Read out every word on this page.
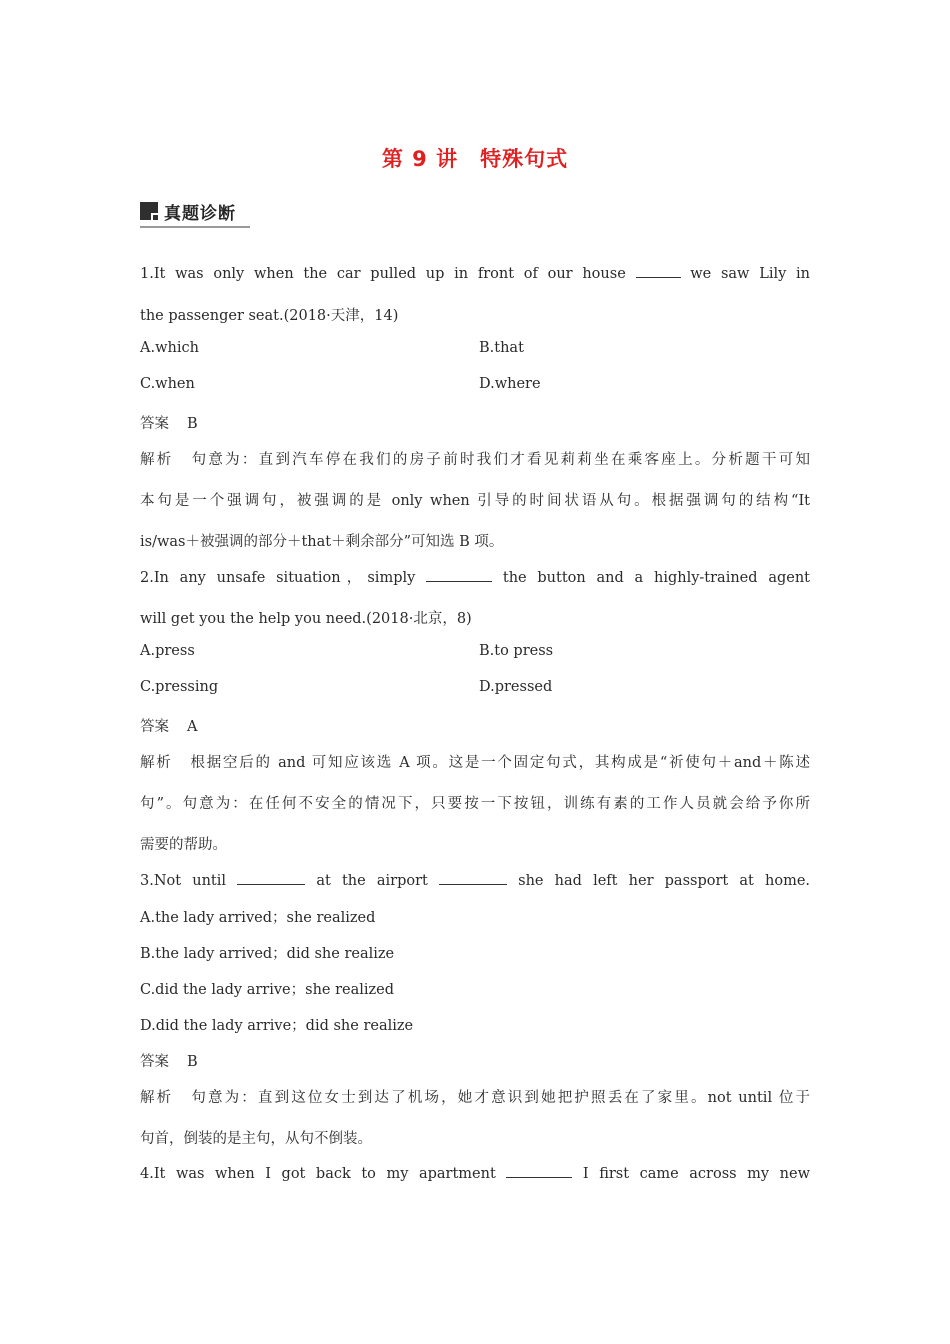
第 9 讲　特殊句式
真题诊断
1.It was only when the car pulled up in front of our house	we saw Lily in
the passenger seat.(2018·天津，14)
A.which	B.that
C.when	D.where
答案 B
解析 句意为：直到汽车停在我们的房子前时我们才看见莉莉坐在乘客座上。分析题干可知
本句是一个强调句，被强调的是 only when 引导的时间状语从句。根据强调句的结构“It
is/was＋被强调的部分＋that＋剩余部分”可知选 B 项。
2.In any unsafe situation，simply	the button and a highly-trained agent
will get you the help you need.(2018·北京，8)
A.press	B.to press
C.pressing	D.pressed
答案 A
解析 根据空后的 and 可知应该选 A 项。这是一个固定句式，其构成是“祈使句＋and＋陈述
句”。句意为：在任何不安全的情况下，只要按一下按钮，训练有素的工作人员就会给予你所
需要的帮助。
3.Not until	at the airport	she had left her passport at home.
A.the lady arrived；she realized
B.the lady arrived；did she realize
C.did the lady arrive；she realized
D.did the lady arrive；did she realize
答案 B
解析 句意为：直到这位女士到达了机场，她才意识到她把护照丢在了家里。not until 位于
句首，倒装的是主句，从句不倒装。
4.It was when I got back to my apartment	I first came across my new
